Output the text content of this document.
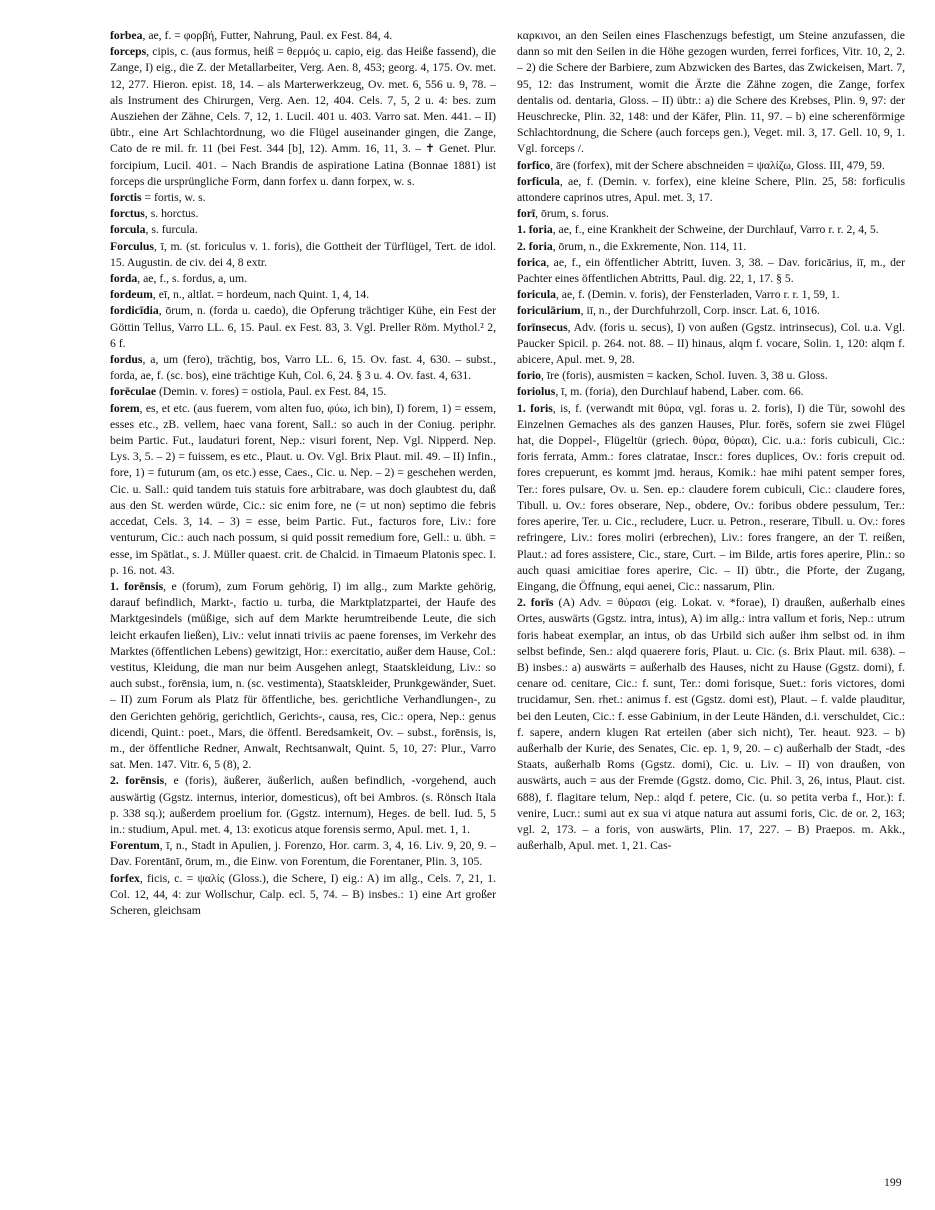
forbea, ae, f. = φορβή, Futter, Nahrung, Paul. ex Fest. 84, 4.

forceps, cipis, c. (aus formus, heiß = θερμός u. capio, eig. das Heiße fassend), die Zange, I) eig., die Z. der Metallarbeiter, Verg. Aen. 8, 453; georg. 4, 175. Ov. met. 12, 277. Hieron. epist. 18, 14. – als Marterwerkzeug, Ov. met. 6, 556 u. 9, 78. – als Instrument des Chirurgen, Verg. Aen. 12, 404. Cels. 7, 5, 2 u. 4: bes. zum Ausziehen der Zähne, Cels. 7, 12, 1. Lucil. 401 u. 403. Varro sat. Men. 441. – II) übtr., eine Art Schlachtordnung, wo die Flügel auseinander gingen, die Zange, Cato de re mil. fr. 11 (bei Fest. 344 [b], 12). Amm. 16, 11, 3. – ✝ Genet. Plur. forcipium, Lucil. 401. – Nach Brandis de aspiratione Latina (Bonnae 1881) ist forceps die ursprüngliche Form, dann forfex u. dann forpex, w. s.

forctis = fortis, w. s.

forctus, s. horctus.

forcula, s. furcula.

Forculus, ī, m. (st. foriculus v. 1. foris), die Gottheit der Türflügel, Tert. de idol. 15. Augustin. de civ. dei 4, 8 extr.

forda, ae, f., s. fordus, a, um.

fordeum, eī, n., altlat. = hordeum, nach Quint. 1, 4, 14.

fordicīdia, ōrum, n. (forda u. caedo), die Opferung trächtiger Kühe, ein Fest der Göttin Tellus, Varro LL. 6, 15. Paul. ex Fest. 83, 3. Vgl. Preller Röm. Mythol.² 2, 6 f.

fordus, a, um (fero), trächtig, bos, Varro LL. 6, 15. Ov. fast. 4, 630. – subst., forda, ae, f. (sc. bos), eine trächtige Kuh, Col. 6, 24. § 3 u. 4. Ov. fast. 4, 631.

forēculae (Demin. v. fores) = ostiola, Paul. ex Fest. 84, 15.

forem, es, et etc. (aus fuerem, vom alten fuo, φύω, ich bin), I) forem, 1) = essem, esses etc., zB. vellem, haec vana forent, Sall.: so auch in der Coniug. periphr. beim Partic. Fut., laudaturi forent, Nep.: visuri forent, Nep. Vgl. Nipperd. Nep. Lys. 3, 5. – 2) = fuissem, es etc., Plaut. u. Ov. Vgl. Brix Plaut. mil. 49. – II) Infin., fore, 1) = futurum (am, os etc.) esse, Caes., Cic. u. Nep. – 2) = geschehen werden, Cic. u. Sall.: quid tandem tuis statuis fore arbitrabare, was doch glaubtest du, daß aus den St. werden würde, Cic.: sic enim fore, ne (= ut non) septimo die febris accedat, Cels. 3, 14. – 3) = esse, beim Partic. Fut., facturos fore, Liv.: fore venturum, Cic.: auch nach possum, si quid possit remedium fore, Gell.: u. übh. = esse, im Spätlat., s. J. Müller quaest. crit. de Chalcid. in Timaeum Platonis spec. I. p. 16. not. 43.

1. forēnsis, e (forum), zum Forum gehörig, I) im allg., zum Markte gehörig, darauf befindlich, Markt-, factio u. turba, die Marktplatzpartei, der Haufe des Marktgesindels (müßige, sich auf dem Markte herumtreibende Leute, die sich leicht erkaufen ließen), Liv.: velut innati triviis ac paene forenses, im Verkehr des Marktes (öffentlichen Lebens) gewitzigt, Hor.: exercitatio, außer dem Hause, Col.: vestitus, Kleidung, die man nur beim Ausgehen anlegt, Staatskleidung, Liv.: so auch subst., forēnsia, ium, n. (sc. vestimenta), Staatskleider, Prunkgewänder, Suet. – II) zum Forum als Platz für öffentliche, bes. gerichtliche Verhandlungen-, zu den Gerichten gehörig, gerichtlich, Gerichts-, causa, res, Cic.: opera, Nep.: genus dicendi, Quint.: poet., Mars, die öffentl. Beredsamkeit, Ov. – subst., forēnsis, is, m., der öffentliche Redner, Anwalt, Rechtsanwalt, Quint. 5, 10, 27: Plur., Varro sat. Men. 147. Vitr. 6, 5 (8), 2.

2. forēnsis, e (foris), äußerer, äußerlich, außen befindlich, -vorgehend, auch auswärtig (Ggstz. internus, interior, domesticus), oft bei Ambros. (s. Rönsch Itala p. 338 sq.); außerdem proelium for. (Ggstz. internum), Heges. de bell. Iud. 5, 5 in.: studium, Apul. met. 4, 13: exoticus atque forensis sermo, Apul. met. 1, 1.

Forentum, ī, n., Stadt in Apulien, j. Forenzo, Hor. carm. 3, 4, 16. Liv. 9, 20, 9. – Dav. Forentānī, ōrum, m., die Einw. von Forentum, die Forentaner, Plin. 3, 105.

forfex, ficis, c. = ψαλίς (Gloss.), die Schere, I) eig.: A) im allg., Cels. 7, 21, 1. Col. 12, 44, 4: zur Wollschur, Calp. ecl. 5, 74. – B) insbes.: 1) eine Art großer Scheren, gleichsam

καρκινοι, an den Seilen eines Flaschenzugs befestigt, um Steine anzufassen, die dann so mit den Seilen in die Höhe gezogen wurden, ferrei forfices, Vitr. 10, 2, 2. – 2) die Schere der Barbiere, zum Abzwicken des Bartes, das Zwickeisen, Mart. 7, 95, 12: das Instrument, womit die Ärzte die Zähne zogen, die Zange, forfex dentalis od. dentaria, Gloss. – II) übtr.: a) die Schere des Krebses, Plin. 9, 97: der Heuschrecke, Plin. 32, 148: und der Käfer, Plin. 11, 97. – b) eine scherenförmige Schlachtordnung, die Schere (auch forceps gen.), Veget. mil. 3, 17. Gell. 10, 9, 1. Vgl. forceps /.

forfico, āre (forfex), mit der Schere abschneiden = ψαλίζω, Gloss. III, 479, 59.

forficula, ae, f. (Demin. v. forfex), eine kleine Schere, Plin. 25, 58: forficulis attondere caprinos utres, Apul. met. 3, 17.

forī, ōrum, s. forus.

1. foria, ae, f., eine Krankheit der Schweine, der Durchlauf, Varro r. r. 2, 4, 5.

2. foria, ōrum, n., die Exkremente, Non. 114, 11.

forica, ae, f., ein öffentlicher Abtritt, Iuven. 3, 38. – Dav. foricārius, iī, m., der Pachter eines öffentlichen Abtritts, Paul. dig. 22, 1, 17. § 5.

foricula, ae, f. (Demin. v. foris), der Fensterladen, Varro r. r. 1, 59, 1.

foriculārium, iī, n., der Durchfuhrzoll, Corp. inscr. Lat. 6, 1016.

forīnsecus, Adv. (foris u. secus), I) von außen (Ggstz. intrinsecus), Col. u.a. Vgl. Paucker Spicil. p. 264. not. 88. – II) hinaus, alqm f. vocare, Solin. 1, 120: alqm f. abicere, Apul. met. 9, 28.

forio, īre (foris), ausmisten = kacken, Schol. Iuven. 3, 38 u. Gloss.

foriolus, ī, m. (foria), den Durchlauf habend, Laber. com. 66.

1. foris, is, f. (verwandt mit θύρα, vgl. foras u. 2. foris), I) die Tür, sowohl des Einzelnen Gemaches als des ganzen Hauses, Plur. forēs, sofern sie zwei Flügel hat, die Doppel-, Flügeltür (griech. θύρα, θύραι), Cic. u.a.: foris cubiculi, Cic.: foris ferrata, Amm.: fores clatratae, Inscr.: fores duplices, Ov.: foris crepuit od. fores crepuerunt, es kommt jmd. heraus, Komik.: hae mihi patent semper fores, Ter.: fores pulsare, Ov. u. Sen. ep.: claudere forem cubiculi, Cic.: claudere fores, Tibull. u. Ov.: fores obserare, Nep., obdere, Ov.: foribus obdere pessulum, Ter.: fores aperire, Ter. u. Cic., recludere, Lucr. u. Petron., reserare, Tibull. u. Ov.: fores refringere, Liv.: fores moliri (erbrechen), Liv.: fores frangere, an der T. reißen, Plaut.: ad fores assistere, Cic., stare, Curt. – im Bilde, artis fores aperire, Plin.: so auch quasi amicitiae fores aperire, Cic. – II) übtr., die Pforte, der Zugang, Eingang, die Öffnung, equi aenei, Cic.: nassarum, Plin.

2. forīs (A) Adv. = θύρασι (eig. Lokat. v. *forae), I) draußen, außerhalb eines Ortes, auswärts (Ggstz. intra, intus), A) im allg.: intra vallum et foris, Nep.: utrum foris habeat exemplar, an intus, ob das Urbild sich außer ihm selbst od. in ihm selbst befinde, Sen.: alqd quaerere foris, Plaut. u. Cic. (s. Brix Plaut. mil. 638). – B) insbes.: a) auswärts = außerhalb des Hauses, nicht zu Hause (Ggstz. domi), f. cenare od. cenitare, Cic.: f. sunt, Ter.: domi forisque, Suet.: foris victores, domi trucidamur, Sen. rhet.: animus f. est (Ggstz. domi est), Plaut. – f. valde plauditur, bei den Leuten, Cic.: f. esse Gabinium, in der Leute Händen, d.i. verschuldet, Cic.: f. sapere, andern klugen Rat erteilen (aber sich nicht), Ter. heaut. 923. – b) außerhalb der Kurie, des Senates, Cic. ep. 1, 9, 20. – c) außerhalb der Stadt, -des Staats, außerhalb Roms (Ggstz. domi), Cic. u. Liv. – II) von draußen, von auswärts, auch = aus der Fremde (Ggstz. domo, Cic. Phil. 3, 26, intus, Plaut. cist. 688), f. flagitare telum, Nep.: alqd f. petere, Cic. (u. so petita verba f., Hor.): f. venire, Lucr.: sumi aut ex sua vi atque natura aut assumi foris, Cic. de or. 2, 163; vgl. 2, 173. – a foris, von auswärts, Plin. 17, 227. – B) Praepos. m. Akk., außerhalb, Apul. met. 1, 21. Cas-

199
